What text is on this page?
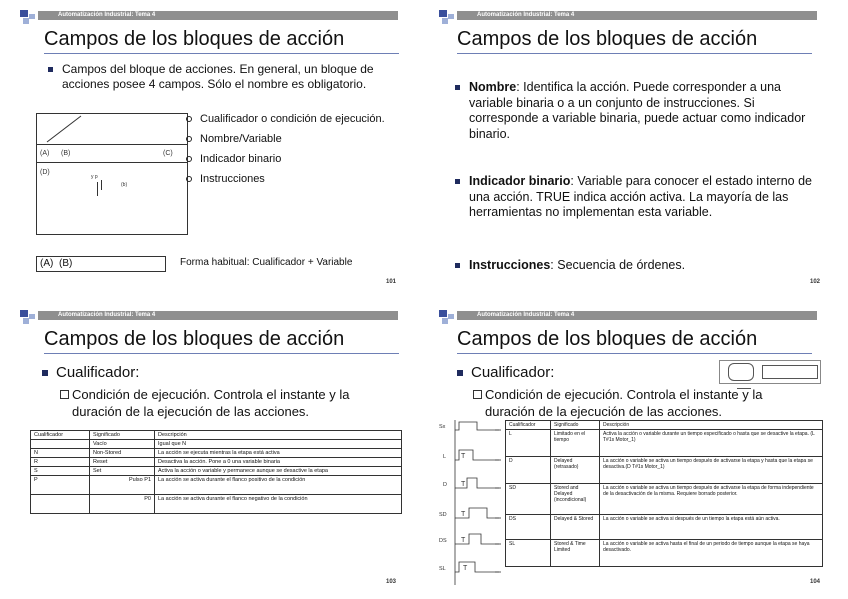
Automatización Industrial: Tema 4
Campos de los bloques de acción
Campos del bloque de acciones. En general, un bloque de acciones posee 4 campos. Sólo el nombre es obligatorio.
(A) (B)	(C)
(D)
y p
(b)
Cualificador o condición de ejecución.
Nombre/Variable
Indicador binario
Instrucciones
(A) (B)	Forma habitual: Cualificador + Variable
101
Automatización Industrial: Tema 4
Campos de los bloques de acción
Nombre: Identifica la acción. Puede corresponder a una variable binaria o a un conjunto de instrucciones. Si corresponde a variable binaria, puede actuar como indicador binario.
Indicador binario: Variable para conocer el estado interno de una acción. TRUE indica acción activa. La mayoría de las herramientas no implementan esta variable.
Instrucciones: Secuencia de órdenes.
102
Automatización Industrial: Tema 4
Campos de los bloques de acción
Cualificador:
Condición de ejecución. Controla el instante y la duración de la ejecución de las acciones.
Cualificador	Significado	Descripción
	Vacío	Igual que N
N	Non-Stored	La acción se ejecuta mientras la etapa está activa
R	Reset	Desactiva la acción. Pone a 0 una variable binaria
S	Set	Activa la acción o variable y permanece aunque se desactive la etapa
P	Pulso P1	La acción se activa durante el flanco positivo de la condición
	P0	La acción se activa durante el flanco negativo de la condición
103
Automatización Industrial: Tema 4
Campos de los bloques de acción
Cualificador:
Condición de ejecución. Controla el instante y la duración de la ejecución de las acciones.
Sx
L
D
SD
DS
SL
T
T
T
T
T
Cualificador	Significado	Descripción
L	Limitado en el tiempo	Activa la acción o variable durante un tiempo especificado o hasta que se desactive la etapa. (L T#1s Motor_1)
D	Delayed (retrasado)	La acción o variable se activa un tiempo después de activarse la etapa y hasta que la etapa se desactiva.(D T#1s Motor_1)
SD	Stored and Delayed (incondicional)	La acción o variable se activa un tiempo después de activarse la etapa de forma independiente de la desactivación de la misma. Requiere borrado posterior.
DS	Delayed & Stored	La acción o variable se activa si después de un tiempo la etapa está aún activa.
SL	Stored & Time Limited	La acción o variable se activa hasta el final de un periodo de tiempo aunque la etapa se haya desactivado.
104
